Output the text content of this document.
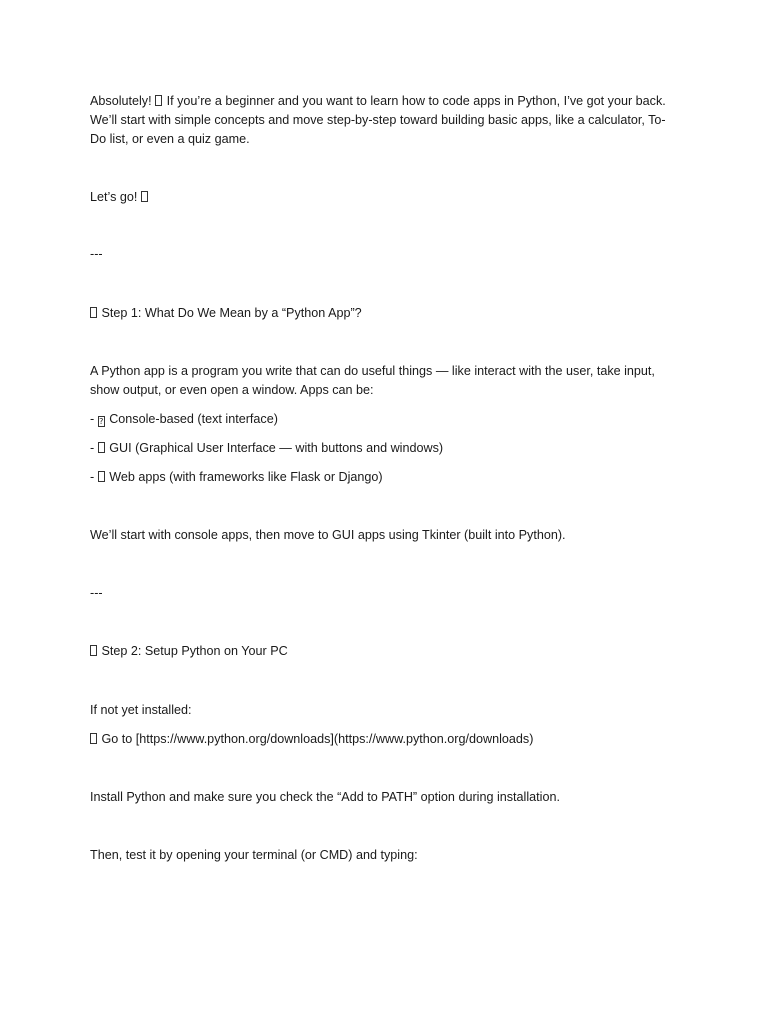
Absolutely!  If you’re a beginner and you want to learn how to code apps in Python, I’ve got your back.
We’ll start with simple concepts and move step-by-step toward building basic apps, like a calculator, To-
Do list, or even a quiz game.
Let’s go!
---
Step 1: What Do We Mean by a “Python App”?
A Python app is a program you write that can do useful things — like interact with the user, take input,
show output, or even open a window. Apps can be:
- ? Console-based (text interface)
-  GUI (Graphical User Interface — with buttons and windows)
-  Web apps (with frameworks like Flask or Django)
We’ll start with console apps, then move to GUI apps using Tkinter (built into Python).
---
Step 2: Setup Python on Your PC
If not yet installed:
Go to [https://www.python.org/downloads](https://www.python.org/downloads)
Install Python and make sure you check the “Add to PATH” option during installation.
Then, test it by opening your terminal (or CMD) and typing:
